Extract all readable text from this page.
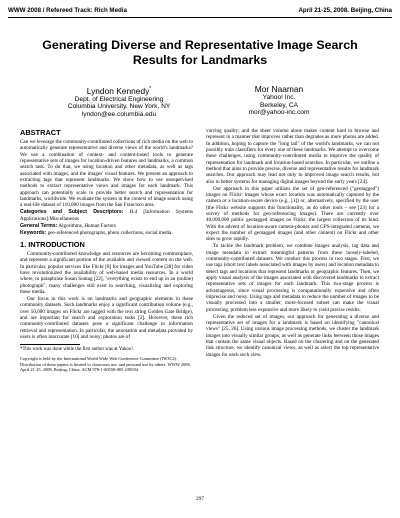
WWW 2008 / Refereed Track: Rich Media	April 21-25, 2008. Beijing, China
Generating Diverse and Representative Image Search Results for Landmarks
Lyndon Kennedy*
Dept. of Electrical Engineering
Columbia University, New York, NY
lyndon@ee.columbia.edu
Mor Naaman
Yahoo! Inc.
Berkeley, CA
mor@yahoo-inc.com
ABSTRACT

Can we leverage the community-contributed collections of rich media on the web to automatically generate representative and diverse views of the world's landmarks? We use a combination of context- and content-based tools to generate representative sets of images for location-driven features and landmarks, a common search task. To do that, we using location and other metadata, as well as tags associated with images, and the images' visual features. We present an approach to extracting tags that represent landmarks. We show how to use unsupervised methods to extract representative views and images for each landmark. This approach can potentially scale to provide better search and representation for landmarks, worldwide. We evaluate the system in the context of image search using a real-life dataset of 110,000 images from the San Francisco area.

Categories and Subject Descriptors: H.4 [Information Systems Applications]:Miscellaneous

General Terms: Algorithms, Human Factors

Keywords: geo-referenced photographs, photo collections, social media.

1. INTRODUCTION

Community-contributed knowledge and resources are becoming commonplace, and represent a significant portion of the available and viewed content on the web. In particular, popular services like Flickr [8] for images and YouTube [28] for video have revolutionized the availability of web-based media resources. In a world where, to paraphrase Susan Sontag [22], "everything exists to end up in an (online) photograph", many challenges still exist in searching, visualizing and exploring these media.

Our focus in this work is on landmarks and geographic elements in these community datasets. Such landmarks enjoy a significant contribution volume (e.g., over 50,000 images on Flickr are tagged with the text string Golden Gate Bridge), and are important for search and exploration tasks [2]. However, these rich community-contributed datasets pose a significant challenge to information retrieval and representation. In particular, the annotation and metadata provided by users is often inaccurate [10] and noisy; photos are of

*This work was done while the first author was at Yahoo!.
Copyright is held by the International World Wide Web Conference Committee (IW3C2). Distribution of these papers is limited to classroom use, and personal use by others. WWW 2008, April 21-25, 2008, Beijing, China. ACM 978-1-60558-085-2/08/04.

varying quality; and the sheer volume alone makes content hard to browse and represent in a manner that improves rather than degrades as more photos are added. In addition, hoping to capture the "long tail" of the world's landmarks, we can not possibly train classifiers for every one of these landmarks. We attempt to overcome these challenges, using community-contributed media to improve the quality of representation for landmark and location-based searches. In particular, we outline a method that aims to provide precise, diverse and representative results for landmark searches. Our approach may lead not only to improved image search results, but also to better systems for managing digital images beyond the early years [24].

Our approach in this paper utilizes the set of geo-referenced ("geotagged") images on Flickr: images whose exact location was automatically captured by the camera or a location-aware device (e.g., [1]) or, alternatively, specified by the user (the Flickr website supports this functionality, as do other tools – see [23] for a survey of methods for geo-referencing images). There are currently over 40,000,000 public geotagged images on Flickr, the largest collection of its kind. With the advent of location-aware camera-phones and GPS-integrated cameras, we expect the number of geotagged images (and other content) on Flickr and other sites to grow rapidly.

To tackle the landmark problem, we combine images analysis, tag data and image metadata to extract meaningful patterns from these loosely-labeled, community-contributed datasets. We conduct this process in two stages. First, we use tags (short text labels associated with images by users) and location metadata to detect tags and locations that represent landmarks or geographic features. Then, we apply visual analysis of the images associated with discovered landmarks to extract representative sets of images for each landmark. This two-stage process is advantageous, since visual processing is computationally expensive and often imprecise and noisy. Using tags and metadata to reduce the number of images to be visually processed into a smaller, more-focused subset can make the visual processing, problem less expensive and more likely to yield precise results.

Given the reduced set of images, our approach for generating a diverse and representative set of images for a landmark is based on identifying "canonical views" [25, 26]. Using various image processing methods, we cluster the landmark images into visually similar groups, as well as generate links between those images that contain the same visual objects. Based on the clustering and on the generated link structure, we identify canonical views, as well as select the top representative images for each such view.

297
